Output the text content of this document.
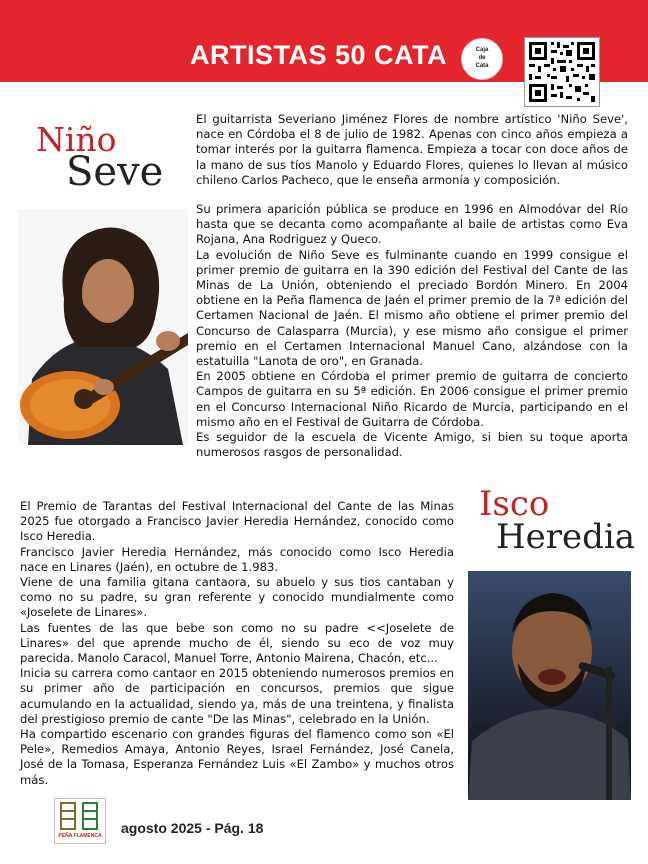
ARTISTAS 50 CATA	Caja
de
Cata
Niño
Seve

El guitarrista Severiano Jiménez Flores de nombre artístico 'Niño Seve', nace en Córdoba el 8 de julio de 1982. Apenas con cinco años empieza a tomar interés por la guitarra flamenca. Empieza a tocar con doce años de la mano de sus tíos Manolo y Eduardo Flores, quienes lo llevan al músico chileno Carlos Pacheco, que le enseña armonía y composición.

Su primera aparición pública se produce en 1996 en Almodóvar del Río hasta que se decanta como acompañante al baile de artistas como Eva Rojana, Ana Rodriguez y Queco.

La evolución de Niño Seve es fulminante cuando en 1999 consigue el primer premio de guitarra en la 390 edición del Festival del Cante de las Minas de La Unión, obteniendo el preciado Bordón Minero. En 2004 obtiene en la Peña flamenca de Jaén el primer premio de la 7ª edición del Certamen Nacional de Jaén. El mismo año obtiene el primer premio del Concurso de Calasparra (Murcia), y ese mismo año consigue el primer premio en el Certamen Internacional Manuel Cano, alzándose con la estatuilla "Lanota de oro", en Granada.

En 2005 obtiene en Córdoba el primer premio de guitarra de concierto Campos de guitarra en su 5ª edición. En 2006 consigue el primer premio en el Concurso Internacional Niño Ricardo de Murcia, participando en el mismo año en el Festival de Guitarra de Córdoba.

Es seguidor de la escuela de Vicente Amigo, si bien su toque aporta numerosos rasgos de personalidad.

El Premio de Tarantas del Festival Internacional del Cante de las Minas 2025 fue otorgado a Francisco Javier Heredia Hernández, conocido como Isco Heredia.

Francisco Javier Heredia Hernández, más conocido como Isco Heredia nace en Linares (Jaén), en octubre de 1.983.

Viene de una familia gitana cantaora, su abuelo y sus tios cantaban y como no su padre, su gran referente y conocido mundialmente como «Joselete de Linares».

Las fuentes de las que bebe son como no su padre <<Joselete de Linares» del que aprende mucho de él, siendo su eco de voz muy parecida. Manolo Caracol, Manuel Torre, Antonio Mairena, Chacón, etc...

Inicia su carrera como cantaor en 2015 obteniendo numerosos premios en su primer año de participación en concursos, premios que sigue acumulando en la actualidad, siendo ya, más de una treintena, y finalista del prestigioso premio de cante "De las Minas", celebrado en la Unión.

Ha compartido escenario con grandes figuras del flamenco como son «El Pele», Remedios Amaya, Antonio Reyes, Israel Fernández, José Canela, José de la Tomasa, Esperanza Fernández Luis «El Zambo» y muchos otros más.

Isco
Heredia
PEÑA FLAMENCA agosto 2025 - Pág. 18
